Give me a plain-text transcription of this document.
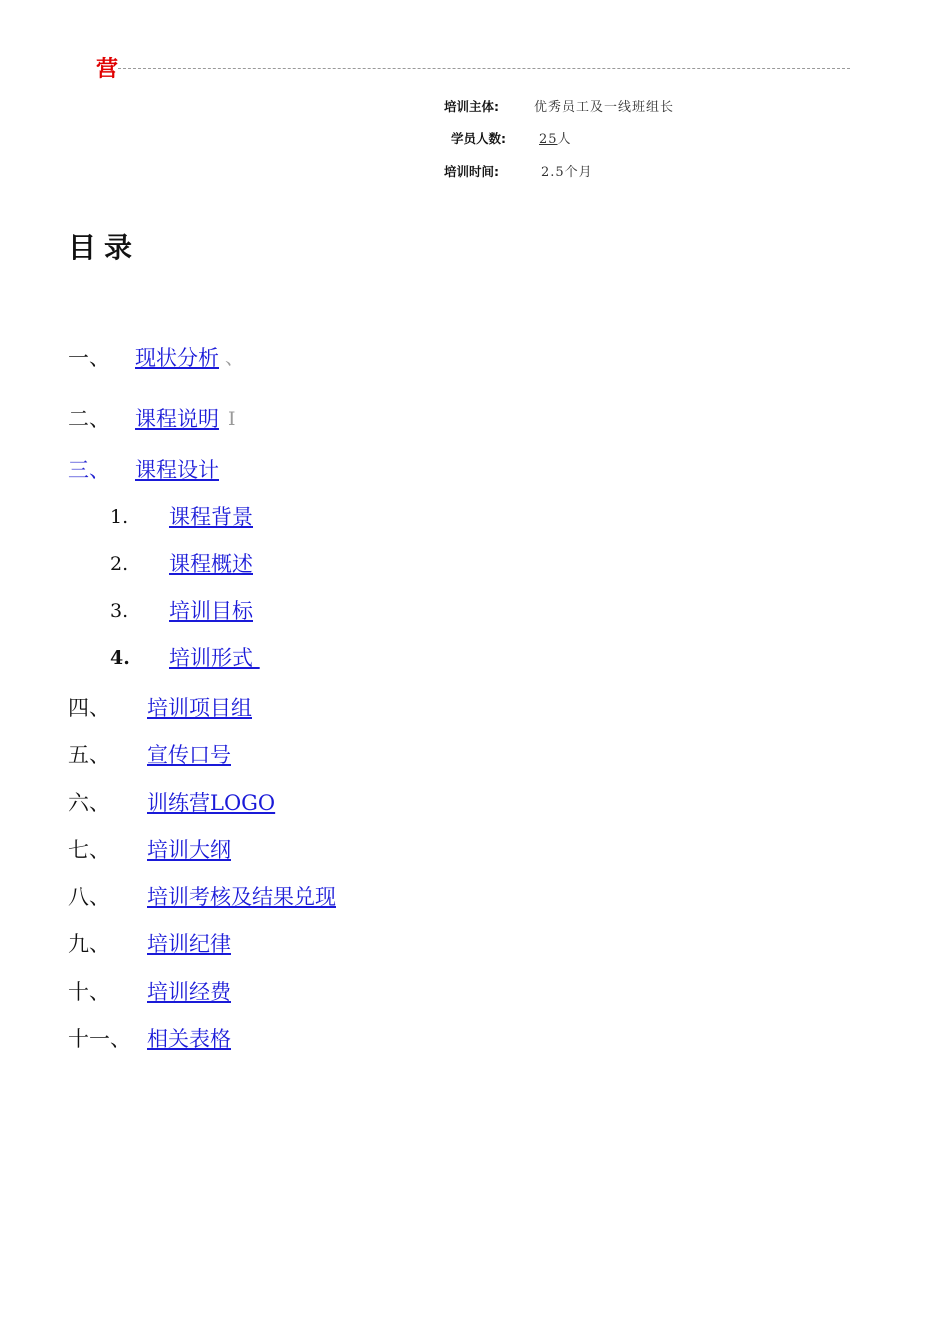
营
培训主体:	优秀员工及一线班组长
学员人数:	25人
培训时间:	2.5个月
目录
一、 现状分析 、
二、 课程说明 I
三、 课程设计
1. 课程背景
2. 课程概述
3. 培训目标
4. 培训形式
四、 培训项目组
五、 宣传口号
六、 训练营LOGO
七、 培训大纲
八、 培训考核及结果兑现
九、 培训纪律
十、 培训经费
十一、 相关表格
